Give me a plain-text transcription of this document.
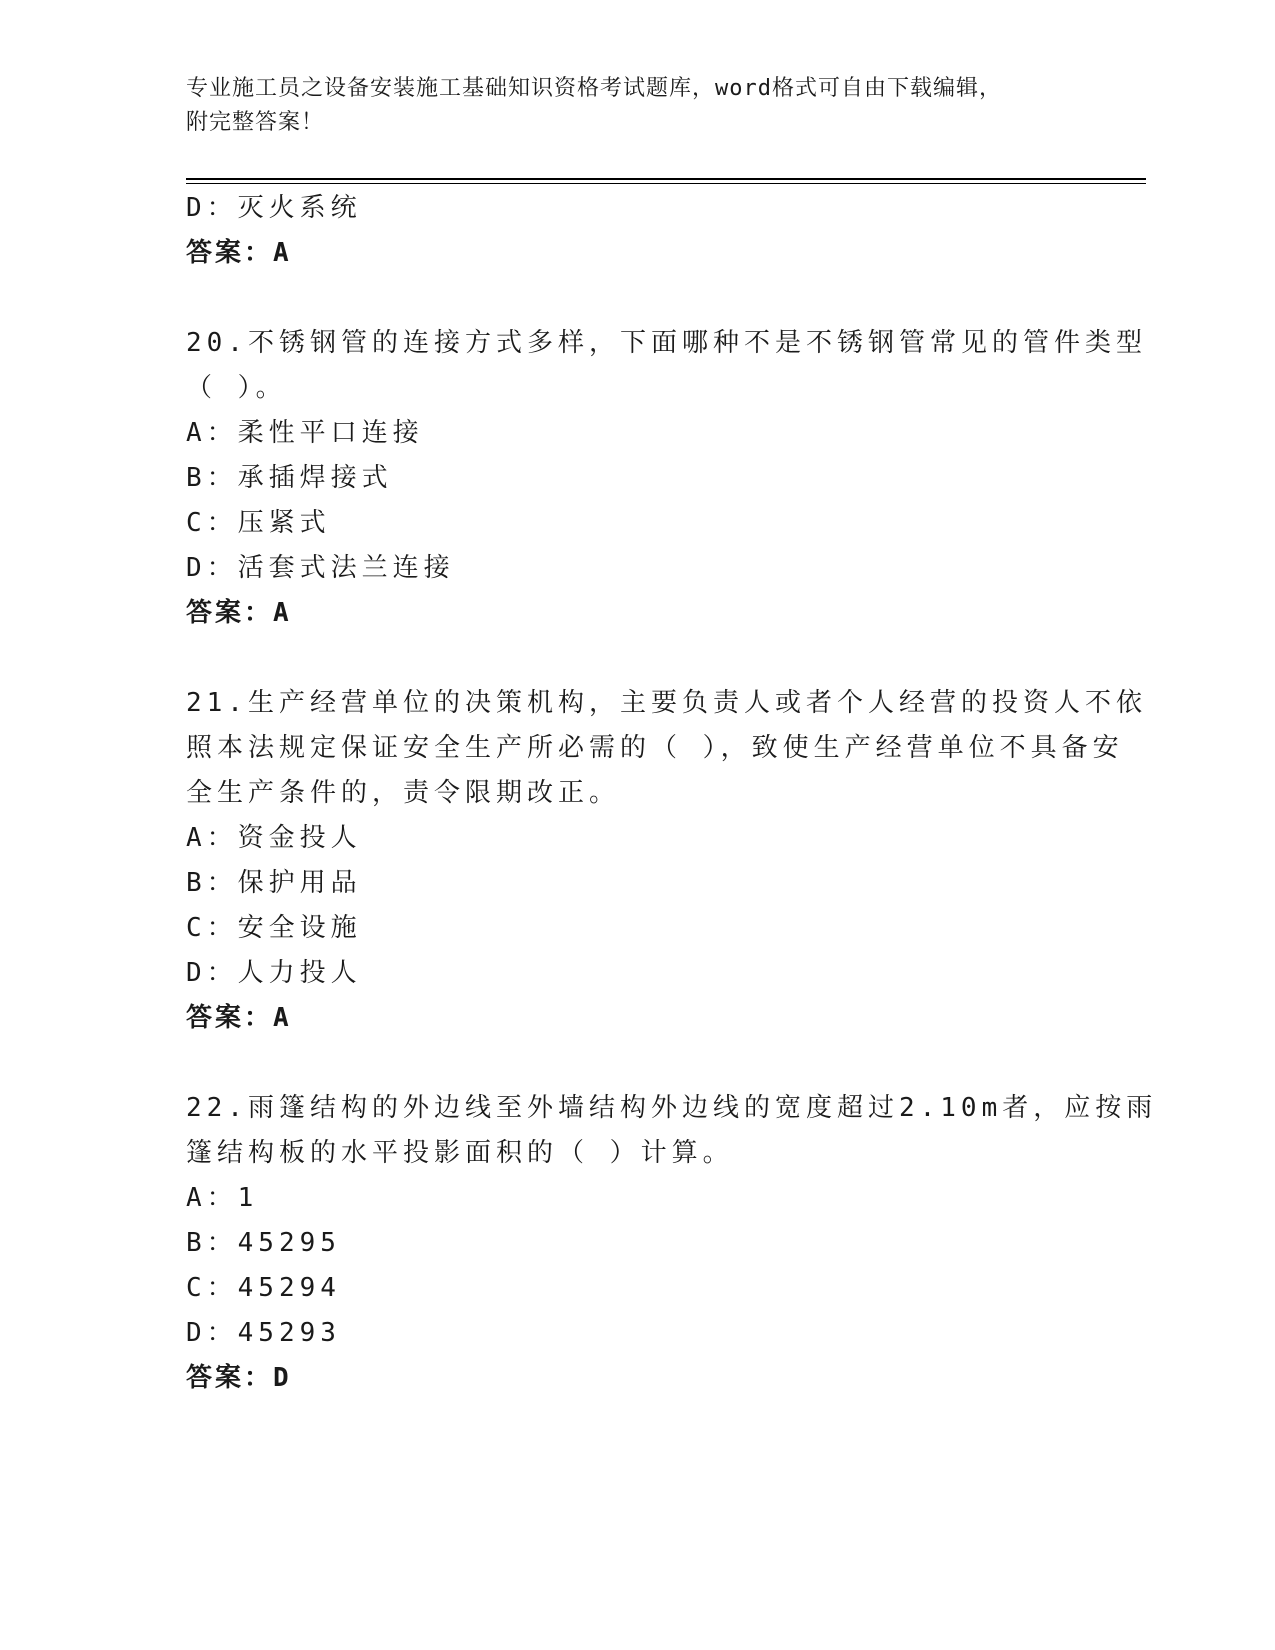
专业施工员之设备安装施工基础知识资格考试题库，word格式可自由下载编辑，
附完整答案！
D：灭火系统
答案：A
20.不锈钢管的连接方式多样，下面哪种不是不锈钢管常见的管件类型
（ ）。
A：柔性平口连接
B：承插焊接式
C：压紧式
D：活套式法兰连接
答案：A
21.生产经营单位的决策机构，主要负责人或者个人经营的投资人不依
照本法规定保证安全生产所必需的（ ），致使生产经营单位不具备安
全生产条件的，责令限期改正。
A：资金投人
B：保护用品
C：安全设施
D：人力投人
答案：A
22.雨篷结构的外边线至外墙结构外边线的宽度超过2.10m者，应按雨
篷结构板的水平投影面积的（ ）计算。
A：1
B：45295
C：45294
D：45293
答案：D
